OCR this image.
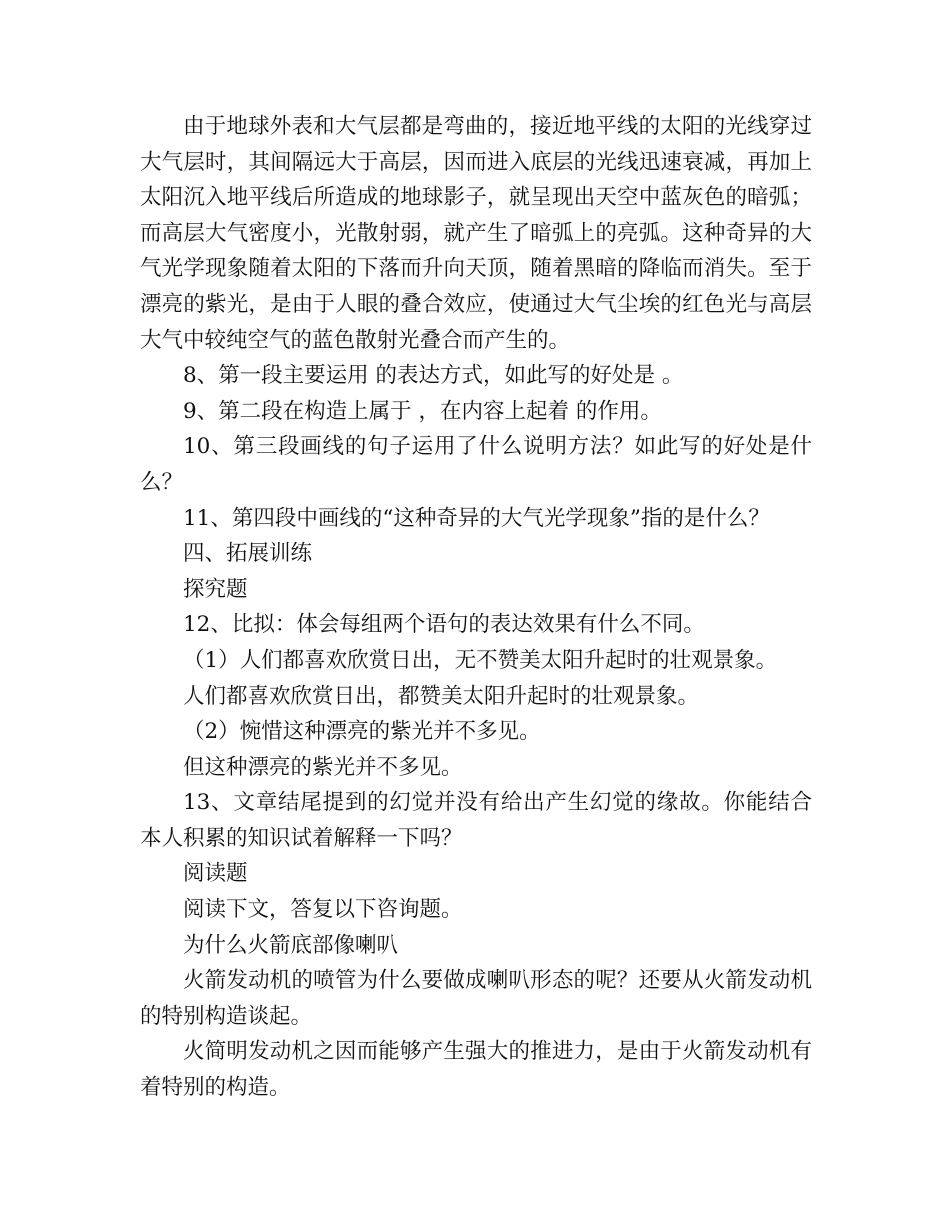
由于地球外表和大气层都是弯曲的，接近地平线的太阳的光线穿过大气层时，其间隔远大于高层，因而进入底层的光线迅速衰减，再加上太阳沉入地平线后所造成的地球影子，就呈现出天空中蓝灰色的暗弧；而高层大气密度小，光散射弱，就产生了暗弧上的亮弧。这种奇异的大气光学现象随着太阳的下落而升向天顶，随着黑暗的降临而消失。至于漂亮的紫光，是由于人眼的叠合效应，使通过大气尘埃的红色光与高层大气中较纯空气的蓝色散射光叠合而产生的。

8、第一段主要运用 的表达方式，如此写的好处是 。

9、第二段在构造上属于 ，在内容上起着 的作用。

10、第三段画线的句子运用了什么说明方法？如此写的好处是什么？

11、第四段中画线的“这种奇异的大气光学现象”指的是什么？

四、拓展训练

探究题

12、比拟：体会每组两个语句的表达效果有什么不同。

（1）人们都喜欢欣赏日出，无不赞美太阳升起时的壮观景象。

人们都喜欢欣赏日出，都赞美太阳升起时的壮观景象。

（2）惋惜这种漂亮的紫光并不多见。

但这种漂亮的紫光并不多见。

13、文章结尾提到的幻觉并没有给出产生幻觉的缘故。你能结合本人积累的知识试着解释一下吗？

阅读题

阅读下文，答复以下咨询题。

为什么火箭底部像喇叭

火箭发动机的喷管为什么要做成喇叭形态的呢？还要从火箭发动机的特别构造谈起。

火简明发动机之因而能够产生强大的推进力，是由于火箭发动机有着特别的构造。
